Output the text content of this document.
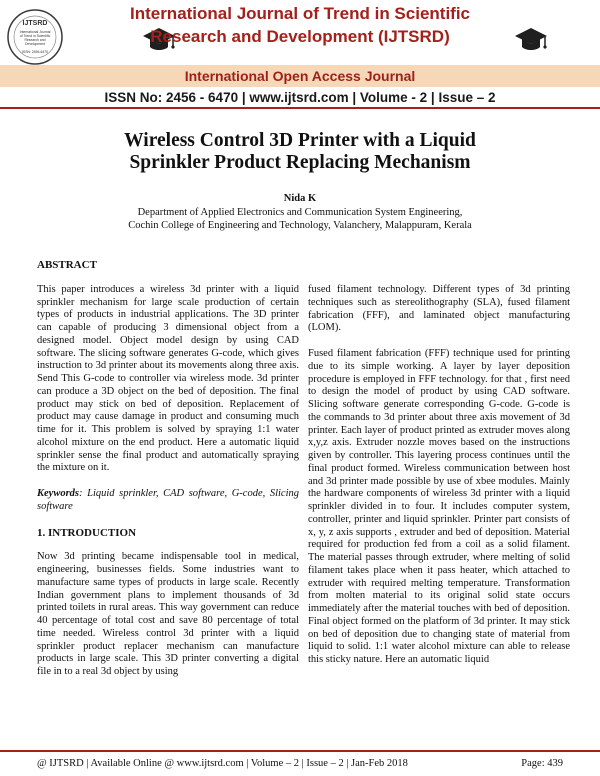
IJTSRD
International Journal
of Trend in Scientific
Research and
Development
ISSN: 2456-6470
International Journal of Trend in Scientific
Research and Development (IJTSRD)
International Open Access Journal
ISSN No: 2456 - 6470 | www.ijtsrd.com | Volume - 2 | Issue – 2
Wireless Control 3D Printer with a Liquid
Sprinkler Product Replacing Mechanism
Nida K
Department of Applied Electronics and Communication System Engineering,
Cochin College of Engineering and Technology, Valanchery, Malappuram, Kerala

ABSTRACT

This paper introduces a wireless 3d printer with a liquid sprinkler mechanism for large scale production of certain types of products in industrial applications. The 3D printer can capable of producing 3 dimensional object from a designed model. Object model design by using CAD software. The slicing software generates G-code, which gives instruction to 3d printer about its movements along three axis. Send This G-code to controller via wireless mode. 3d printer can produce a 3D object on the bed of deposition. The final product may stick on bed of deposition. Replacement of product may cause damage in product and consuming much time for it. This problem is solved by spraying 1:1 water alcohol mixture on the end product. Here a automatic liquid sprinkler sense the final product and automatically spraying the mixture on it.

Keywords: Liquid sprinkler, CAD software, G-code, Slicing software

1. INTRODUCTION

Now 3d printing became indispensable tool in medical, engineering, businesses fields. Some industries want to manufacture same types of products in large scale. Recently Indian government plans to implement thousands of 3d printed toilets in rural areas. This way government can reduce 40 percentage of total cost and save 80 percentage of total time needed. Wireless control 3d printer with a liquid sprinkler product replacer mechanism can manufacture products in large scale. This 3D printer converting a digital file in to a real 3d object by using

fused filament technology. Different types of 3d printing techniques such as stereolithography (SLA), fused filament fabrication (FFF), and laminated object manufacturing (LOM).

Fused filament fabrication (FFF) technique used for printing due to its simple working. A layer by layer deposition procedure is employed in FFF technology. for that , first need to design the model of product by using CAD software. Slicing software generate corresponding G-code. G-code is the commands to 3d printer about three axis movement of 3d printer. Each layer of product printed as extruder moves along x,y,z axis. Extruder nozzle moves based on the instructions given by controller. This layering process continues until the final product formed. Wireless communication between host and 3d printer made possible by use of xbee modules. Mainly the hardware components of wireless 3d printer with a liquid sprinkler divided in to four. It includes computer system, controller, printer and liquid sprinkler. Printer part consists of x, y, z axis supports , extruder and bed of deposition. Material required for production fed from a coil as a solid filament. The material passes through extruder, where melting of solid filament takes place when it pass heater, which attached to extruder with required melting temperature. Transformation from molten material to its original solid state occurs immediately after the material touches with bed of deposition. Final object formed on the platform of 3d printer. It may stick on bed of deposition due to changing state of material from liquid to solid. 1:1 water alcohol mixture can able to release this sticky nature. Here an automatic liquid

@ IJTSRD | Available Online @ www.ijtsrd.com | Volume – 2 | Issue – 2 | Jan-Feb 2018	Page: 439
